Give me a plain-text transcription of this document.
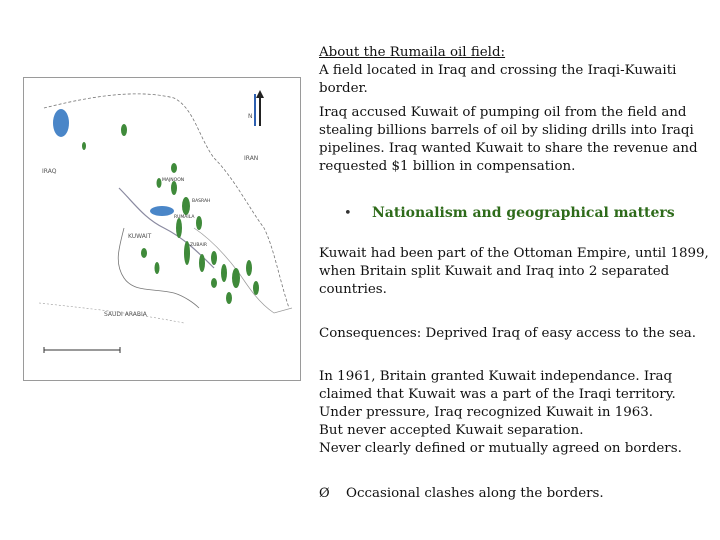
N
IRAQ
IRAN
KUWAIT
SAUDI ARABIA
MAJNOON
BASRAH
RUMAILA
ZUBAIR
About the Rumaila oil field:
A field located in Iraq and crossing the Iraqi-Kuwaiti
border.
Iraq accused Kuwait of pumping oil from the field and
stealing billions barrels of oil by sliding drills into Iraqi
pipelines. Iraq wanted Kuwait to share the revenue and
requested $1 billion in compensation.
• Nationalism and geographical matters
Kuwait had been part of the Ottoman Empire, until 1899,
when Britain split Kuwait and Iraq into 2 separated
countries.
Consequences: Deprived Iraq of easy access to the sea.
In 1961, Britain granted Kuwait independance. Iraq
claimed that Kuwait was a part of the Iraqi territory.
Under pressure, Iraq recognized Kuwait in 1963.
But never accepted Kuwait separation.
Never clearly defined or mutually agreed on borders.
Ø Occasional clashes along the borders.
